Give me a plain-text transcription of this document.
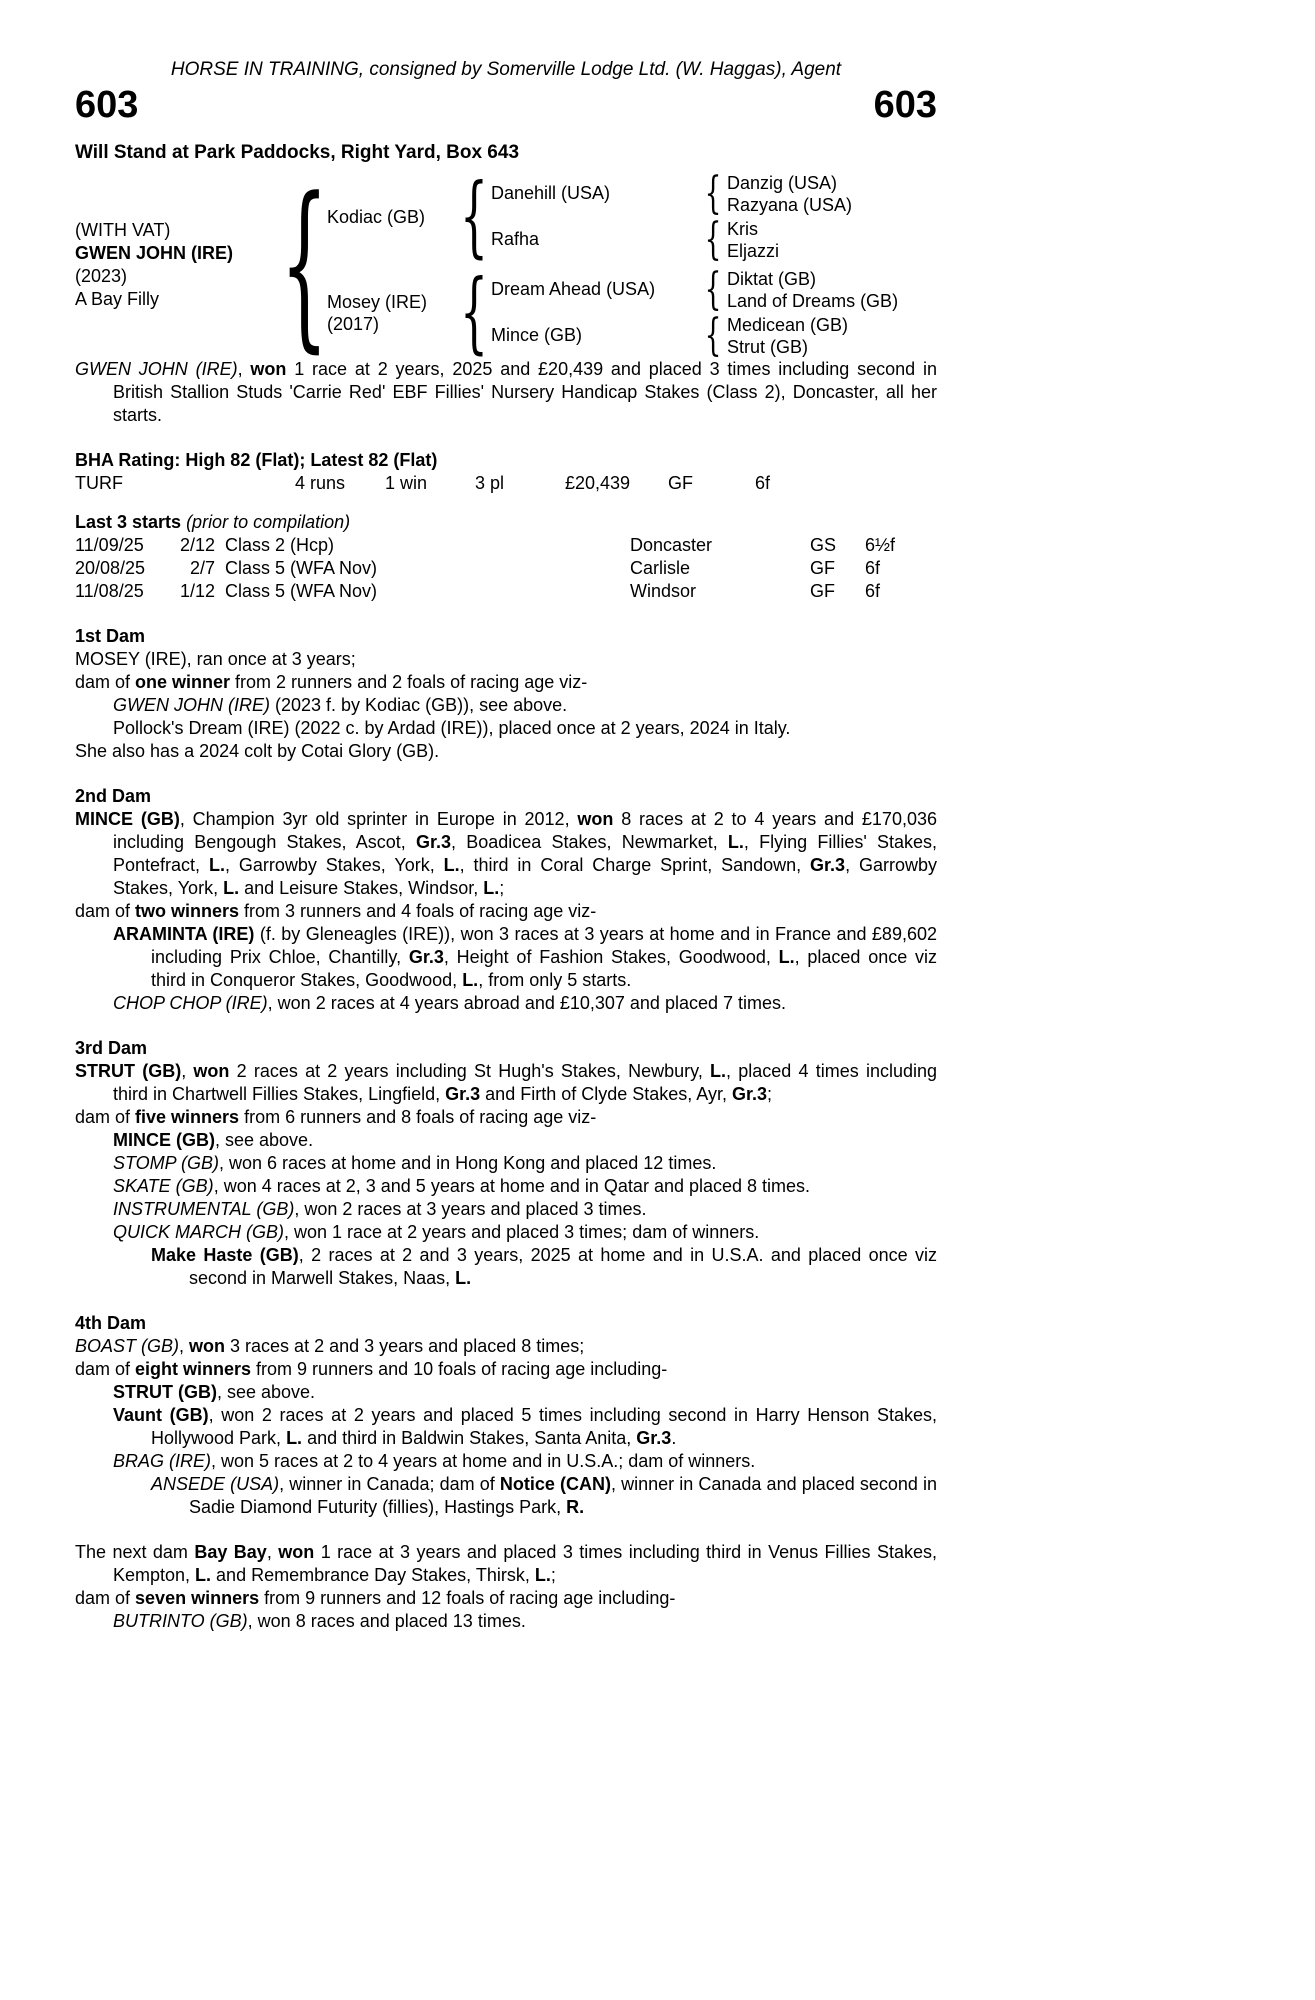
HORSE IN TRAINING, consigned by Somerville Lodge Ltd. (W. Haggas), Agent
603	603
Will Stand at Park Paddocks, Right Yard, Box 643
(WITH VAT)
GWEN JOHN (IRE)
(2023)
A Bay Filly
{
Kodiac (GB)
{
Danehill (USA)
{
Danzig (USA)
Razyana (USA)
Rafha
{
Kris
Eljazzi
Mosey (IRE)
(2017)
{
Dream Ahead (USA)
{
Diktat (GB)
Land of Dreams (GB)
Mince (GB)
{
Medicean (GB)
Strut (GB)

GWEN JOHN (IRE), won 1 race at 2 years, 2025 and £20,439 and placed 3 times including second in British Stallion Studs 'Carrie Red' EBF Fillies' Nursery Handicap Stakes (Class 2), Doncaster, all her starts.

BHA Rating: High 82 (Flat); Latest 82 (Flat)
TURF	4 runs	1 win	3 pl	£20,439	GF	6f
Last 3 starts (prior to compilation)
11/09/25	2/12 Class 2 (Hcp)	Doncaster	GS	6½f
20/08/25	2/7 Class 5 (WFA Nov)	Carlisle	GF	6f
11/08/25	1/12 Class 5 (WFA Nov)	Windsor	GF	6f
1st Dam

MOSEY (IRE), ran once at 3 years;

dam of one winner from 2 runners and 2 foals of racing age viz-

GWEN JOHN (IRE) (2023 f. by Kodiac (GB)), see above.

Pollock's Dream (IRE) (2022 c. by Ardad (IRE)), placed once at 2 years, 2024 in Italy.

She also has a 2024 colt by Cotai Glory (GB).

2nd Dam

MINCE (GB), Champion 3yr old sprinter in Europe in 2012, won 8 races at 2 to 4 years and £170,036 including Bengough Stakes, Ascot, Gr.3, Boadicea Stakes, Newmarket, L., Flying Fillies' Stakes, Pontefract, L., Garrowby Stakes, York, L., third in Coral Charge Sprint, Sandown, Gr.3, Garrowby Stakes, York, L. and Leisure Stakes, Windsor, L.;

dam of two winners from 3 runners and 4 foals of racing age viz-

ARAMINTA (IRE) (f. by Gleneagles (IRE)), won 3 races at 3 years at home and in France and £89,602 including Prix Chloe, Chantilly, Gr.3, Height of Fashion Stakes, Goodwood, L., placed once viz third in Conqueror Stakes, Goodwood, L., from only 5 starts.

CHOP CHOP (IRE), won 2 races at 4 years abroad and £10,307 and placed 7 times.

3rd Dam

STRUT (GB), won 2 races at 2 years including St Hugh's Stakes, Newbury, L., placed 4 times including third in Chartwell Fillies Stakes, Lingfield, Gr.3 and Firth of Clyde Stakes, Ayr, Gr.3;

dam of five winners from 6 runners and 8 foals of racing age viz-

MINCE (GB), see above.

STOMP (GB), won 6 races at home and in Hong Kong and placed 12 times.

SKATE (GB), won 4 races at 2, 3 and 5 years at home and in Qatar and placed 8 times.

INSTRUMENTAL (GB), won 2 races at 3 years and placed 3 times.

QUICK MARCH (GB), won 1 race at 2 years and placed 3 times; dam of winners.

Make Haste (GB), 2 races at 2 and 3 years, 2025 at home and in U.S.A. and placed once viz second in Marwell Stakes, Naas, L.

4th Dam

BOAST (GB), won 3 races at 2 and 3 years and placed 8 times;

dam of eight winners from 9 runners and 10 foals of racing age including-

STRUT (GB), see above.

Vaunt (GB), won 2 races at 2 years and placed 5 times including second in Harry Henson Stakes, Hollywood Park, L. and third in Baldwin Stakes, Santa Anita, Gr.3.

BRAG (IRE), won 5 races at 2 to 4 years at home and in U.S.A.; dam of winners.

ANSEDE (USA), winner in Canada; dam of Notice (CAN), winner in Canada and placed second in Sadie Diamond Futurity (fillies), Hastings Park, R.

The next dam Bay Bay, won 1 race at 3 years and placed 3 times including third in Venus Fillies Stakes, Kempton, L. and Remembrance Day Stakes, Thirsk, L.;

dam of seven winners from 9 runners and 12 foals of racing age including-

BUTRINTO (GB), won 8 races and placed 13 times.
